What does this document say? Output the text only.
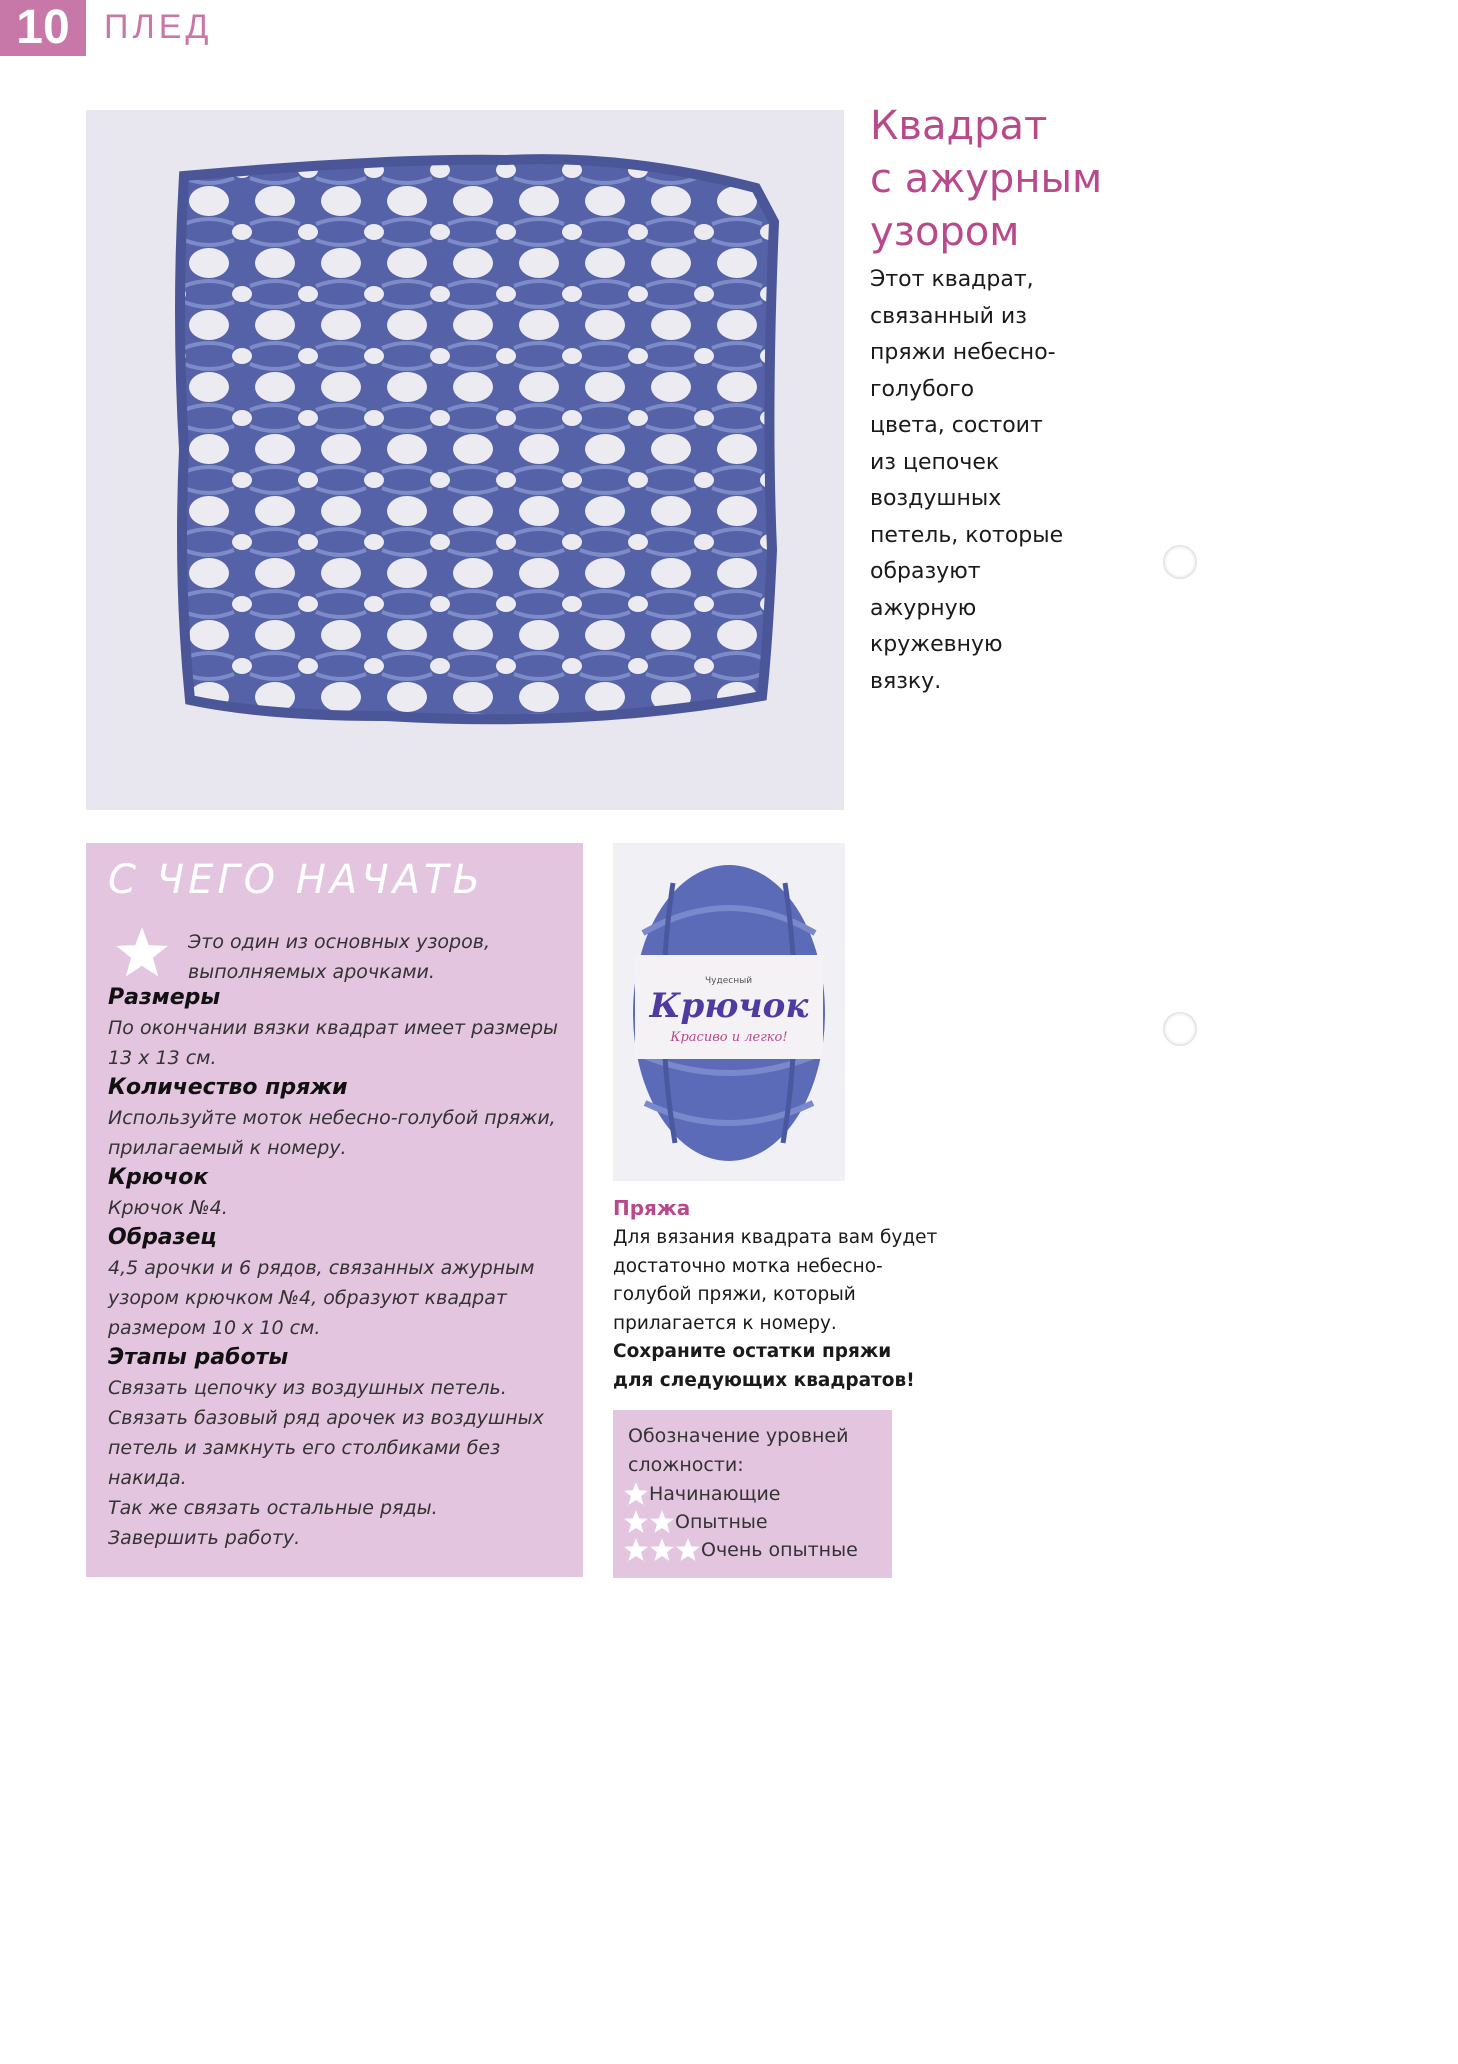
10	ПЛЕД
Квадрат
с ажурным
узором
Этот квадрат,
связанный из
пряжи небесно-
голубого
цвета, состоит
из цепочек
воздушных
петель, которые
образуют
ажурную
кружевную
вязку.
С ЧЕГО НАЧАТЬ
Это один из основных узоров,
выполняемых арочками.
Размеры
По окончании вязки квадрат имеет размеры
13 x 13 см.
Количество пряжи
Используйте моток небесно-голубой пряжи,
прилагаемый к номеру.
Крючок
Крючок №4.
Образец
4,5 арочки и 6 рядов, связанных ажурным
узором крючком №4, образуют квадрат
размером 10 x 10 см.
Этапы работы
Связать цепочку из воздушных петель.
Связать базовый ряд арочек из воздушных
петель и замкнуть его столбиками без
накида.
Так же связать остальные ряды.
Завершить работу.
Чудесный
Крючок
Красиво и легко!
Пряжа
Для вязания квадрата вам будет
достаточно мотка небесно-
голубой пряжи, который
прилагается к номеру.
Сохраните остатки пряжи
для следующих квадратов!
Обозначение уровней
сложности:
Начинающие
Опытные
Очень опытные
